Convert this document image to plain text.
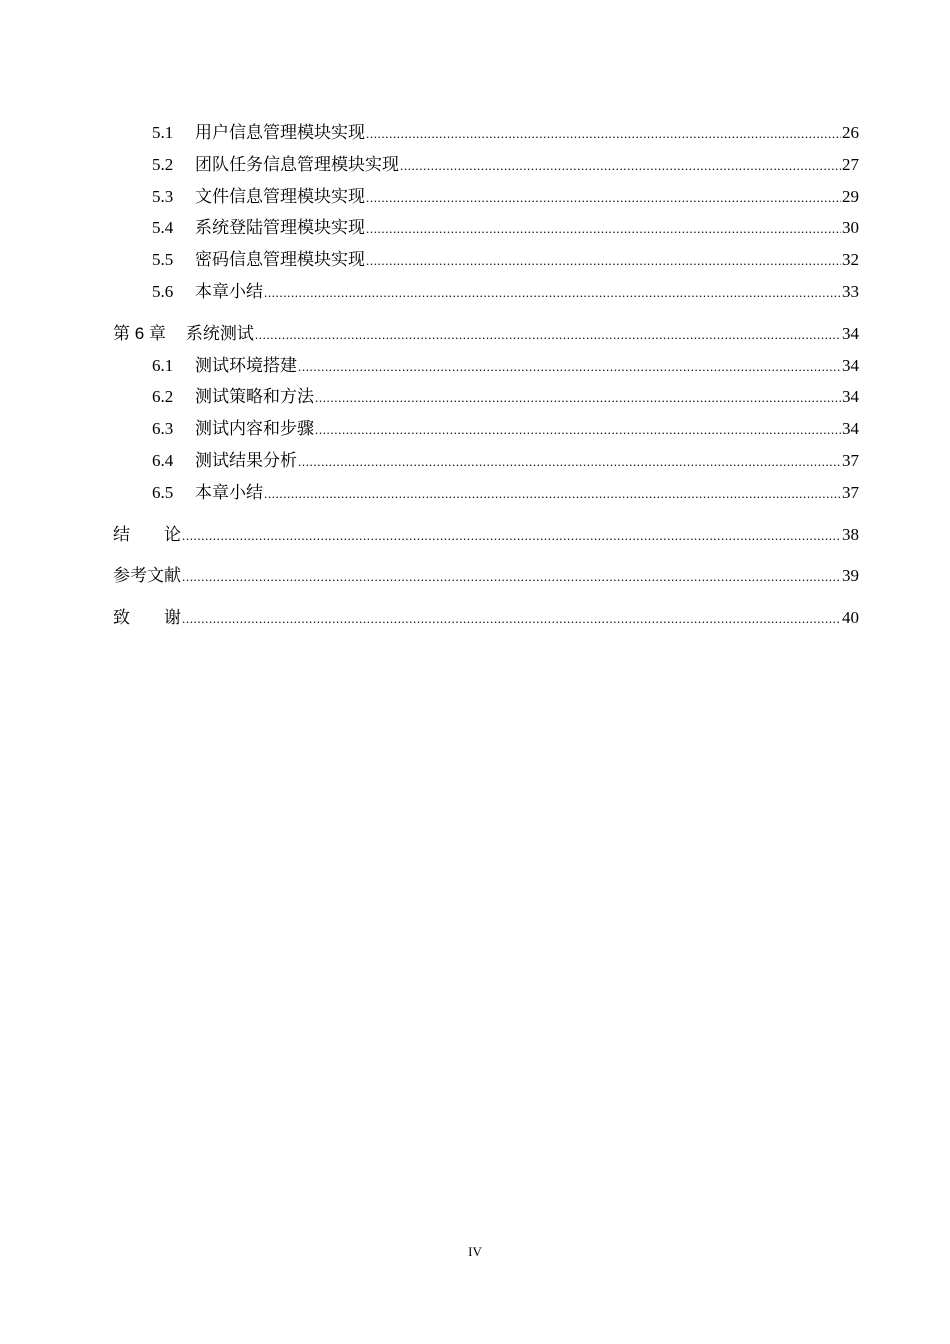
5.1	用户信息管理模块实现 .....	26
5.2	团队任务信息管理模块实现 .....	27
5.3	文件信息管理模块实现 .....	29
5.4	系统登陆管理模块实现 .....	30
5.5	密码信息管理模块实现 .....	32
5.6	本章小结 .....	33
第 6 章 系统测试 .....	34
6.1	测试环境搭建 .....	34
6.2	测试策略和方法 .....	34
6.3	测试内容和步骤 .....	34
6.4	测试结果分析 .....	37
6.5	本章小结 .....	37
结　　论 .....	38
参考文献 .....	39
致　　谢 .....	40
IV
